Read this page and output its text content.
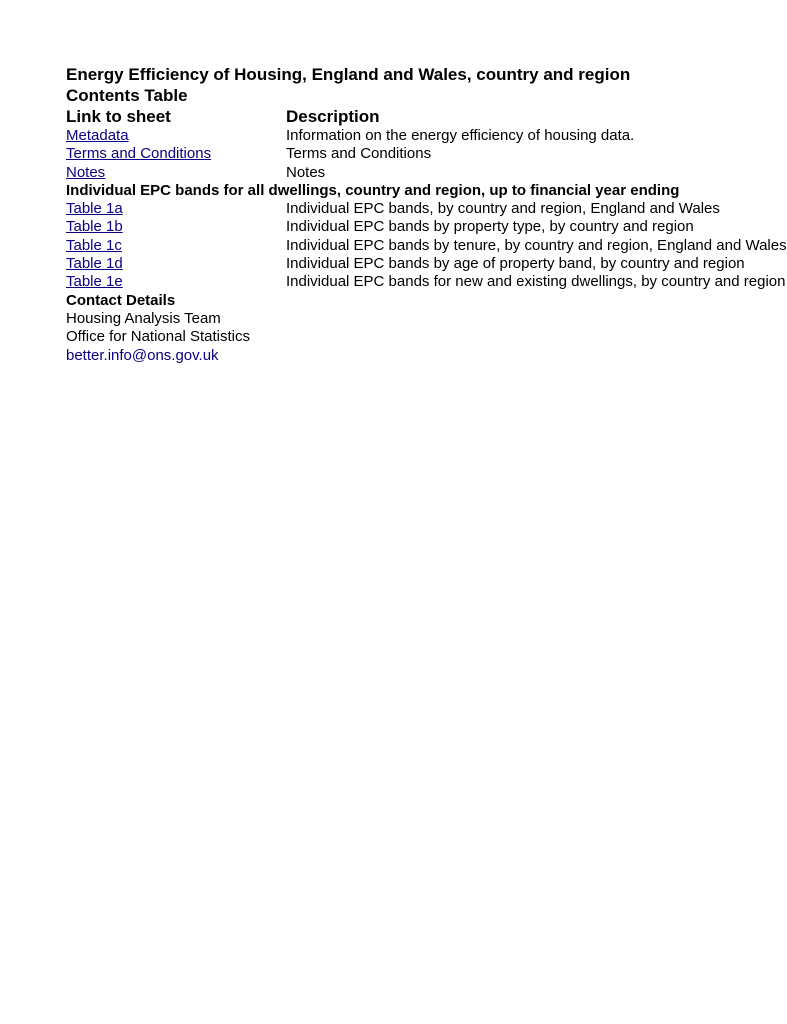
Energy Efficiency of Housing, England and Wales, country and region
Contents Table
Link to sheet	Description
Metadata	Information on the energy efficiency of housing data.
Terms and Conditions	Terms and Conditions
Notes	Notes
Individual EPC bands for all dwellings, country and region, up to financial year ending
Table 1a	Individual EPC bands, by country and region, England and Wales
Table 1b	Individual EPC bands by property type, by country and region
Table 1c	Individual EPC bands by tenure, by country and region, England and Wales
Table 1d	Individual EPC bands by age of property band, by country and region
Table 1e	Individual EPC bands for new and existing dwellings, by country and region
Contact Details
Housing Analysis Team
Office for National Statistics
better.info@ons.gov.uk
